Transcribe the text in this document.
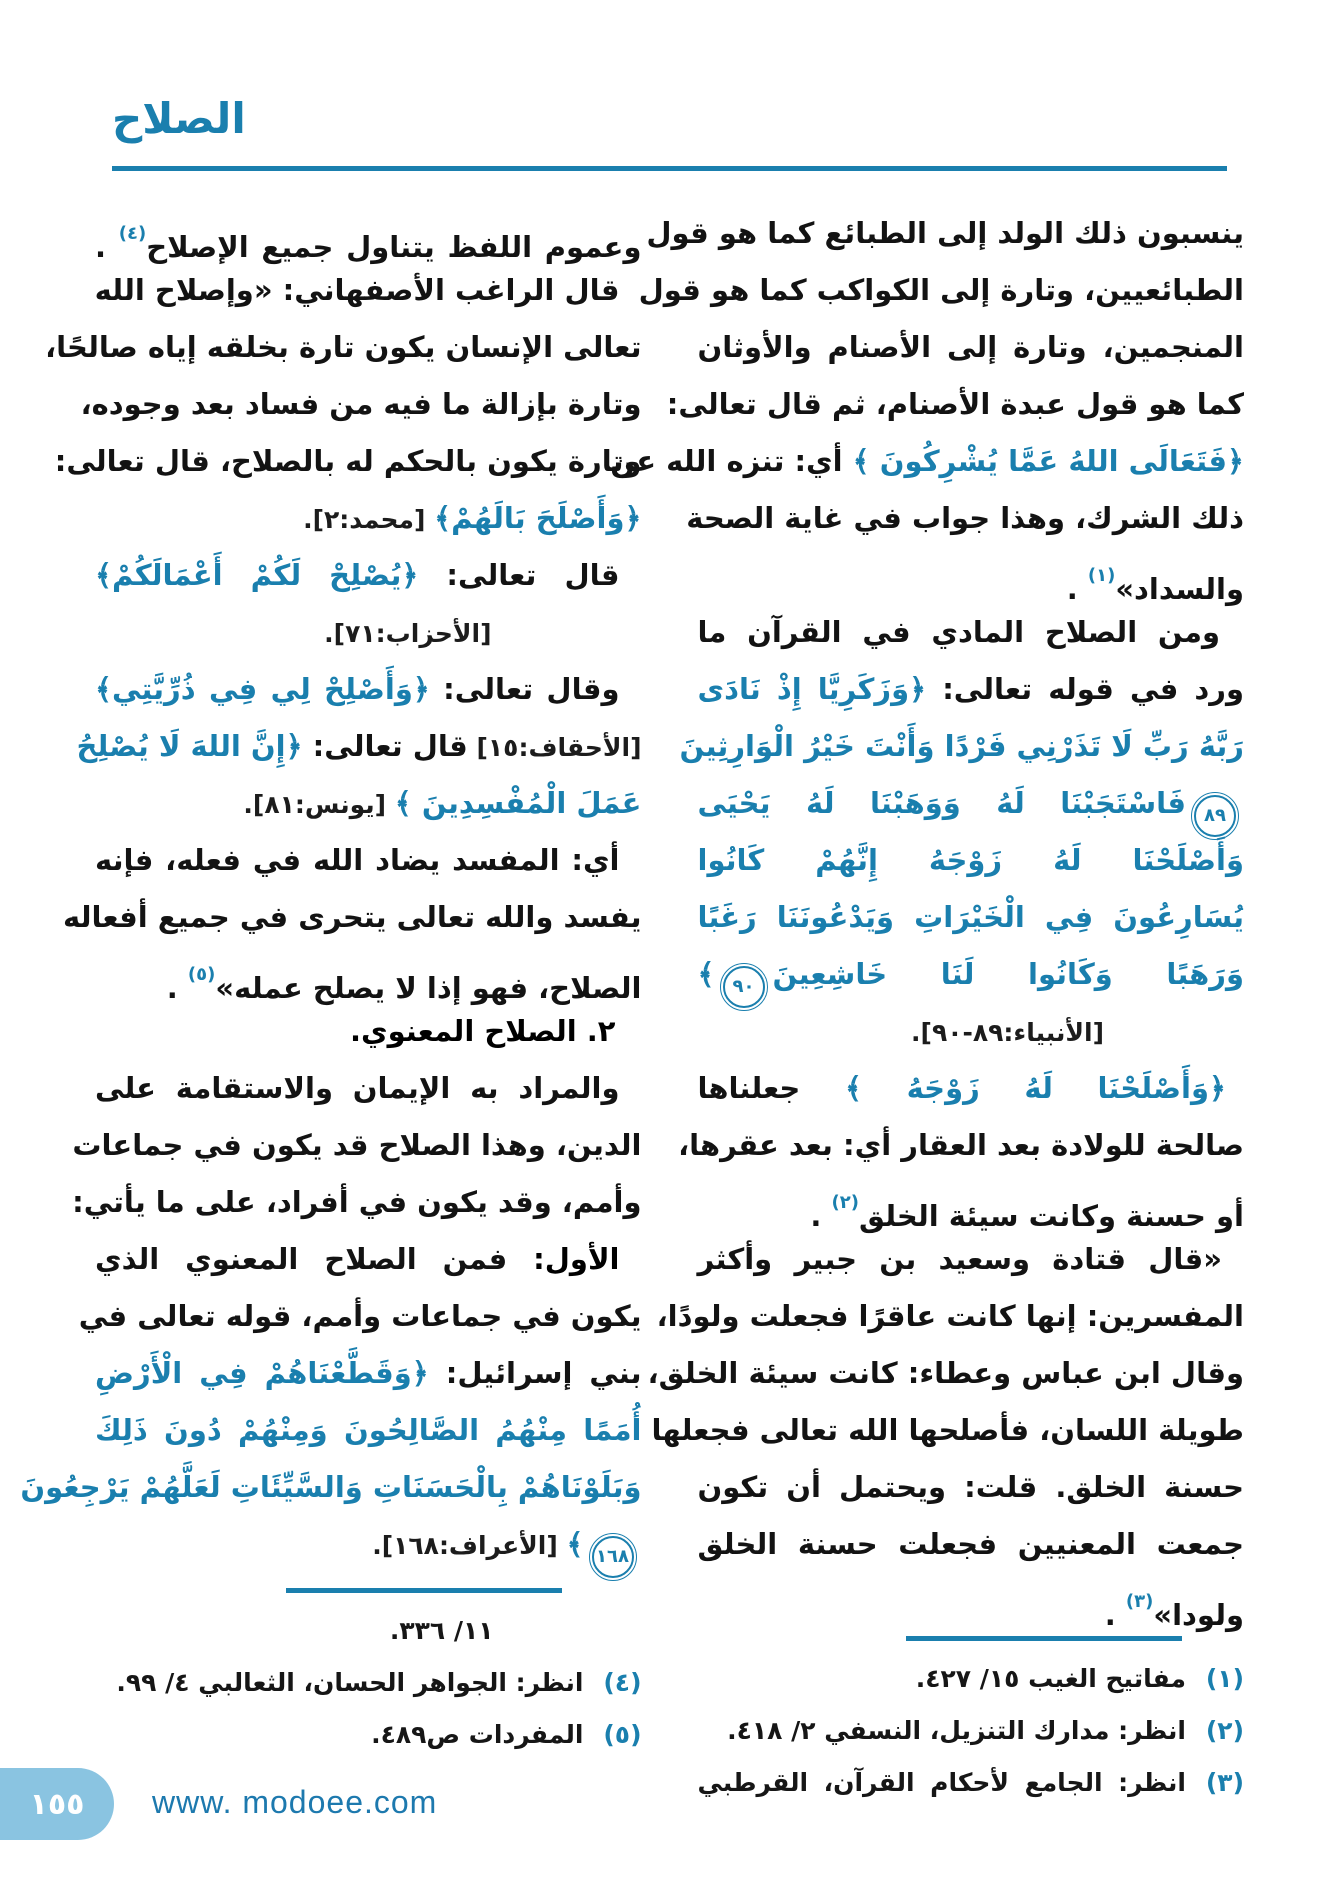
الصلاح
ينسبون ذلك الولد إلى الطبائع كما هو قول
الطبائعيين، وتارة إلى الكواكب كما هو قول
المنجمين، وتارة إلى الأصنام والأوثان
كما هو قول عبدة الأصنام، ثم قال تعالى:
﴿فَتَعَالَى اللهُ عَمَّا يُشْرِكُونَ ﴾ أي: تنزه الله عن
ذلك الشرك، وهذا جواب في غاية الصحة
والسداد»$^{(١)}$ .
ومن الصلاح المادي في القرآن ما
ورد في قوله تعالى: ﴿وَزَكَرِيَّا إِذْ نَادَى
رَبَّهُ رَبِّ لَا تَذَرْنِي فَرْدًا وَأَنْتَ خَيْرُ الْوَارِثِينَ
٨٩فَاسْتَجَبْنَا لَهُ وَوَهَبْنَا لَهُ يَحْيَى
وَأَصْلَحْنَا لَهُ زَوْجَهُ إِنَّهُمْ كَانُوا
يُسَارِعُونَ فِي الْخَيْرَاتِ وَيَدْعُونَنَا رَغَبًا
وَرَهَبًا وَكَانُوا لَنَا خَاشِعِينَ٩٠﴾
[الأنبياء:٨٩-٩٠].
﴿وَأَصْلَحْنَا لَهُ زَوْجَهُ ﴾ جعلناها
صالحة للولادة بعد العقار أي: بعد عقرها،
أو حسنة وكانت سيئة الخلق$^{(٢)}$ .
«قال قتادة وسعيد بن جبير وأكثر
المفسرين: إنها كانت عاقرًا فجعلت ولودًا،
وقال ابن عباس وعطاء: كانت سيئة الخلق،
طويلة اللسان، فأصلحها الله تعالى فجعلها
حسنة الخلق. قلت: ويحتمل أن تكون
جمعت المعنيين فجعلت حسنة الخلق
ولودا»$^{(٣)}$ .
(١)
مفاتيح الغيب ١٥/ ٤٢٧.
(٢)
انظر: مدارك التنزيل، النسفي ٢/ ٤١٨.
(٣)
انظر: الجامع لأحكام القرآن، القرطبي
وعموم اللفظ يتناول جميع الإصلاح$^{(٤)}$ .
قال الراغب الأصفهاني: «وإصلاح الله
تعالى الإنسان يكون تارة بخلقه إياه صالحًا،
وتارة بإزالة ما فيه من فساد بعد وجوده،
وتارة يكون بالحكم له بالصلاح، قال تعالى:
﴿وَأَصْلَحَ بَالَهُمْ﴾ [محمد:٢].
قال تعالى: ﴿يُصْلِحْ لَكُمْ أَعْمَالَكُمْ﴾
[الأحزاب:٧١].
وقال تعالى: ﴿وَأَصْلِحْ لِي فِي ذُرِّيَّتِي﴾
[الأحقاف:١٥] قال تعالى: ﴿إِنَّ اللهَ لَا يُصْلِحُ
عَمَلَ الْمُفْسِدِينَ ﴾ [يونس:٨١].
أي: المفسد يضاد الله في فعله، فإنه
يفسد والله تعالى يتحرى في جميع أفعاله
الصلاح، فهو إذا لا يصلح عمله»$^{(٥)}$ .
٢. الصلاح المعنوي.
والمراد به الإيمان والاستقامة على
الدين، وهذا الصلاح قد يكون في جماعات
وأمم، وقد يكون في أفراد، على ما يأتي:
الأول: فمن الصلاح المعنوي الذي
يكون في جماعات وأمم، قوله تعالى في
بني إسرائيل: ﴿وَقَطَّعْنَاهُمْ فِي الْأَرْضِ
أُمَمًا مِنْهُمُ الصَّالِحُونَ وَمِنْهُمْ دُونَ ذَلِكَ
وَبَلَوْنَاهُمْ بِالْحَسَنَاتِ وَالسَّيِّئَاتِ لَعَلَّهُمْ يَرْجِعُونَ
١٦٨﴾ [الأعراف:١٦٨].
١١/ ٣٣٦.
(٤)
انظر: الجواهر الحسان، الثعالبي ٤/ ٩٩.
(٥)
المفردات ص٤٨٩.
١٥٥ www. modoee.com
